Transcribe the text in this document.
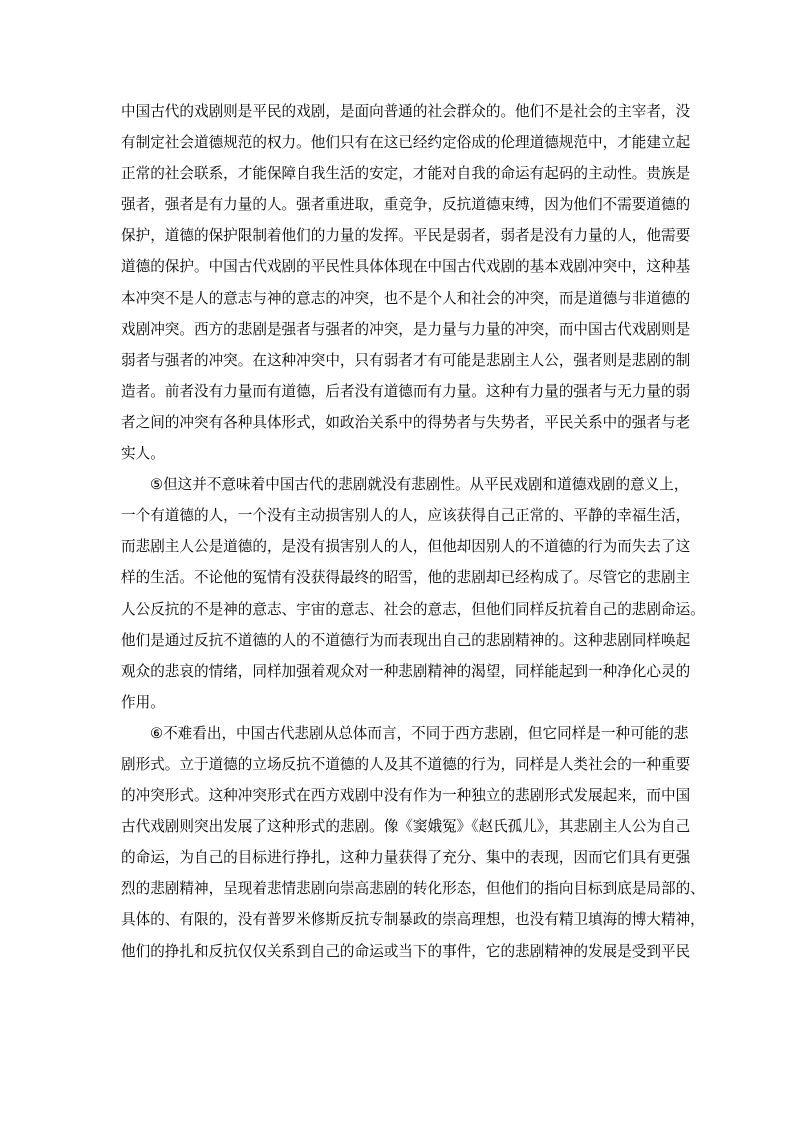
中国古代的戏剧则是平民的戏剧，是面向普通的社会群众的。他们不是社会的主宰者，没
有制定社会道德规范的权力。他们只有在这已经约定俗成的伦理道德规范中，才能建立起
正常的社会联系，才能保障自我生活的安定，才能对自我的命运有起码的主动性。贵族是
强者，强者是有力量的人。强者重进取，重竞争，反抗道德束缚，因为他们不需要道德的
保护，道德的保护限制着他们的力量的发挥。平民是弱者，弱者是没有力量的人，他需要
道德的保护。中国古代戏剧的平民性具体体现在中国古代戏剧的基本戏剧冲突中，这种基
本冲突不是人的意志与神的意志的冲突，也不是个人和社会的冲突，而是道德与非道德的
戏剧冲突。西方的悲剧是强者与强者的冲突，是力量与力量的冲突，而中国古代戏剧则是
弱者与强者的冲突。在这种冲突中，只有弱者才有可能是悲剧主人公，强者则是悲剧的制
造者。前者没有力量而有道德，后者没有道德而有力量。这种有力量的强者与无力量的弱
者之间的冲突有各种具体形式，如政治关系中的得势者与失势者，平民关系中的强者与老
实人。
⑤但这并不意味着中国古代的悲剧就没有悲剧性。从平民戏剧和道德戏剧的意义上，
一个有道德的人，一个没有主动损害别人的人，应该获得自己正常的、平静的幸福生活，
而悲剧主人公是道德的，是没有损害别人的人，但他却因别人的不道德的行为而失去了这
样的生活。不论他的冤情有没获得最终的昭雪，他的悲剧却已经构成了。尽管它的悲剧主
人公反抗的不是神的意志、宇宙的意志、社会的意志，但他们同样反抗着自己的悲剧命运。
他们是通过反抗不道德的人的不道德行为而表现出自己的悲剧精神的。这种悲剧同样唤起
观众的悲哀的情绪，同样加强着观众对一种悲剧精神的渴望，同样能起到一种净化心灵的
作用。
⑥不难看出，中国古代悲剧从总体而言，不同于西方悲剧，但它同样是一种可能的悲
剧形式。立于道德的立场反抗不道德的人及其不道德的行为，同样是人类社会的一种重要
的冲突形式。这种冲突形式在西方戏剧中没有作为一种独立的悲剧形式发展起来，而中国
古代戏剧则突出发展了这种形式的悲剧。像《窦娥冤》《赵氏孤儿》，其悲剧主人公为自己
的命运，为自己的目标进行挣扎，这种力量获得了充分、集中的表现，因而它们具有更强
烈的悲剧精神，呈现着悲情悲剧向崇高悲剧的转化形态，但他们的指向目标到底是局部的、
具体的、有限的，没有普罗米修斯反抗专制暴政的崇高理想，也没有精卫填海的博大精神，
他们的挣扎和反抗仅仅关系到自己的命运或当下的事件，它的悲剧精神的发展是受到平民
